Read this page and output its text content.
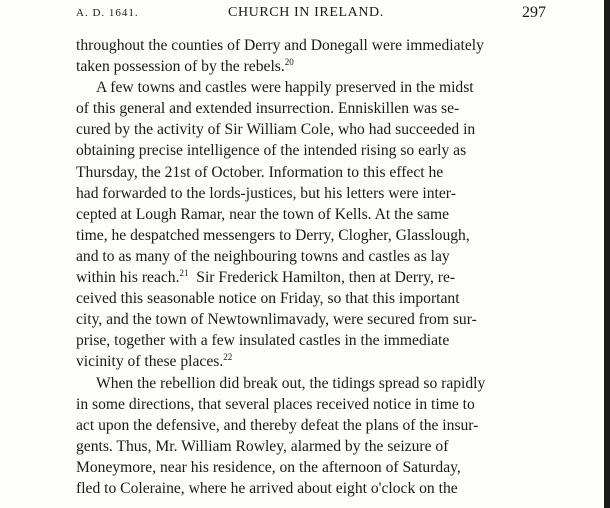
A. D. 1641.	CHURCH IN IRELAND.	297
throughout the counties of Derry and Donegall were immediately
taken possession of by the rebels.$^{20}$
A few towns and castles were happily preserved in the midst
of this general and extended insurrection. Enniskillen was se-
cured by the activity of Sir William Cole, who had succeeded in
obtaining precise intelligence of the intended rising so early as
Thursday, the 21st of October. Information to this effect he
had forwarded to the lords-justices, but his letters were inter-
cepted at Lough Ramar, near the town of Kells. At the same
time, he despatched messengers to Derry, Clogher, Glasslough,
and to as many of the neighbouring towns and castles as lay
within his reach.$^{21}$  Sir Frederick Hamilton, then at Derry, re-
ceived this seasonable notice on Friday, so that this important
city, and the town of Newtownlimavady, were secured from sur-
prise, together with a few insulated castles in the immediate
vicinity of these places.$^{22}$
When the rebellion did break out, the tidings spread so rapidly
in some directions, that several places received notice in time to
act upon the defensive, and thereby defeat the plans of the insur-
gents. Thus, Mr. William Rowley, alarmed by the seizure of
Moneymore, near his residence, on the afternoon of Saturday,
fled to Coleraine, where he arrived about eight o'clock on the
